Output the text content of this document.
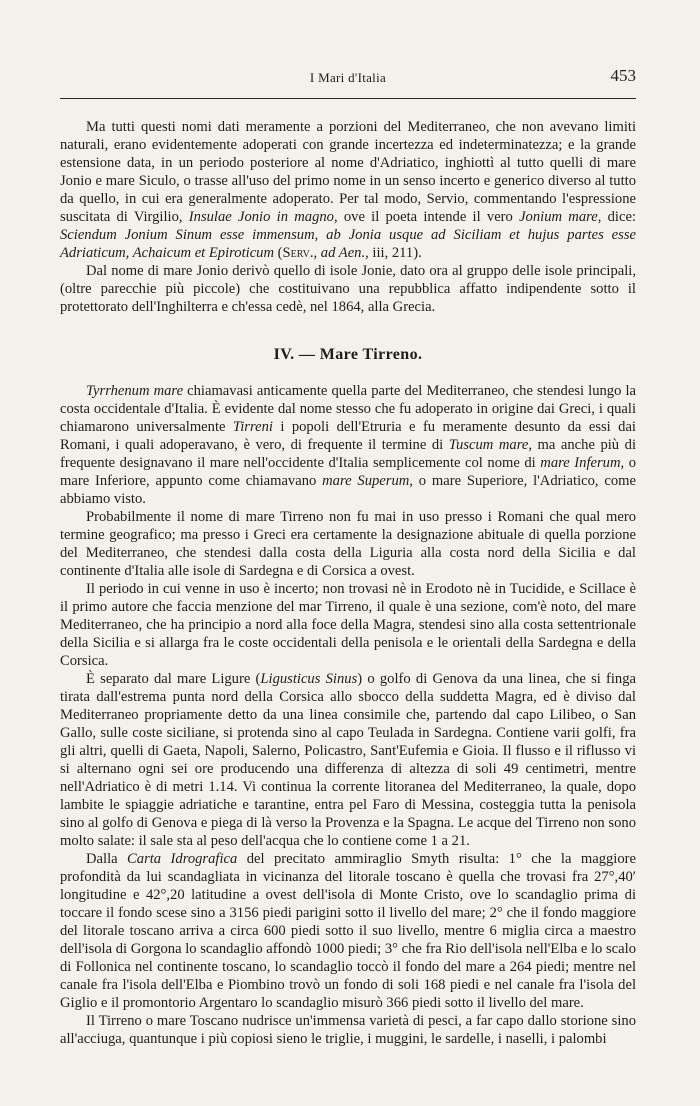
I Mari d'Italia	453

Ma tutti questi nomi dati meramente a porzioni del Mediterraneo, che non avevano limiti naturali, erano evidentemente adoperati con grande incertezza ed indeterminatezza; e la grande estensione data, in un periodo posteriore al nome d'Adriatico, inghiottì al tutto quelli di mare Jonio e mare Siculo, o trasse all'uso del primo nome in un senso incerto e generico diverso al tutto da quello, in cui era generalmente adoperato. Per tal modo, Servio, commentando l'espressione suscitata di Virgilio, Insulae Jonio in magno, ove il poeta intende il vero Jonium mare, dice: Sciendum Jonium Sinum esse immensum, ab Jonia usque ad Siciliam et hujus partes esse Adriaticum, Achaicum et Epiroticum (Serv., ad Aen., iii, 211).

Dal nome di mare Jonio derivò quello di isole Jonie, dato ora al gruppo delle isole principali, (oltre parecchie più piccole) che costituivano una repubblica affatto indipendente sotto il protettorato dell'Inghilterra e ch'essa cedè, nel 1864, alla Grecia.

IV. — Mare Tirreno.

Tyrrhenum mare chiamavasi anticamente quella parte del Mediterraneo, che stendesi lungo la costa occidentale d'Italia. È evidente dal nome stesso che fu adoperato in origine dai Greci, i quali chiamarono universalmente Tirreni i popoli dell'Etruria e fu meramente desunto da essi dai Romani, i quali adoperavano, è vero, di frequente il termine di Tuscum mare, ma anche più di frequente designavano il mare nell'occidente d'Italia semplicemente col nome di mare Inferum, o mare Inferiore, appunto come chiamavano mare Superum, o mare Superiore, l'Adriatico, come abbiamo visto.

Probabilmente il nome di mare Tirreno non fu mai in uso presso i Romani che qual mero termine geografico; ma presso i Greci era certamente la designazione abituale di quella porzione del Mediterraneo, che stendesi dalla costa della Liguria alla costa nord della Sicilia e dal continente d'Italia alle isole di Sardegna e di Corsica a ovest.

Il periodo in cui venne in uso è incerto; non trovasi nè in Erodoto nè in Tucidide, e Scillace è il primo autore che faccia menzione del mar Tirreno, il quale è una sezione, com'è noto, del mare Mediterraneo, che ha principio a nord alla foce della Magra, stendesi sino alla costa settentrionale della Sicilia e si allarga fra le coste occidentali della penisola e le orientali della Sardegna e della Corsica.

È separato dal mare Ligure (Ligusticus Sinus) o golfo di Genova da una linea, che si finga tirata dall'estrema punta nord della Corsica allo sbocco della suddetta Magra, ed è diviso dal Mediterraneo propriamente detto da una linea consimile che, partendo dal capo Lilibeo, o San Gallo, sulle coste siciliane, si protenda sino al capo Teulada in Sardegna. Contiene varii golfi, fra gli altri, quelli di Gaeta, Napoli, Salerno, Policastro, Sant'Eufemia e Gioia. Il flusso e il riflusso vi si alternano ogni sei ore producendo una differenza di altezza di soli 49 centimetri, mentre nell'Adriatico è di metri 1.14. Vi continua la corrente litoranea del Mediterraneo, la quale, dopo lambite le spiaggie adriatiche e tarantine, entra pel Faro di Messina, costeggia tutta la penisola sino al golfo di Genova e piega di là verso la Provenza e la Spagna. Le acque del Tirreno non sono molto salate: il sale sta al peso dell'acqua che lo contiene come 1 a 21.

Dalla Carta Idrografica del precitato ammiraglio Smyth risulta: 1° che la maggiore profondità da lui scandagliata in vicinanza del litorale toscano è quella che trovasi fra 27°,40′ longitudine e 42°,20 latitudine a ovest dell'isola di Monte Cristo, ove lo scandaglio prima di toccare il fondo scese sino a 3156 piedi parigini sotto il livello del mare; 2° che il fondo maggiore del litorale toscano arriva a circa 600 piedi sotto il suo livello, mentre 6 miglia circa a maestro dell'isola di Gorgona lo scandaglio affondò 1000 piedi; 3° che fra Rio dell'isola nell'Elba e lo scalo di Follonica nel continente toscano, lo scandaglio toccò il fondo del mare a 264 piedi; mentre nel canale fra l'isola dell'Elba e Piombino trovò un fondo di soli 168 piedi e nel canale fra l'isola del Giglio e il promontorio Argentaro lo scandaglio misurò 366 piedi sotto il livello del mare.

Il Tirreno o mare Toscano nudrisce un'immensa varietà di pesci, a far capo dallo storione sino all'acciuga, quantunque i più copiosi sieno le triglie, i muggini, le sardelle, i naselli, i palombi
